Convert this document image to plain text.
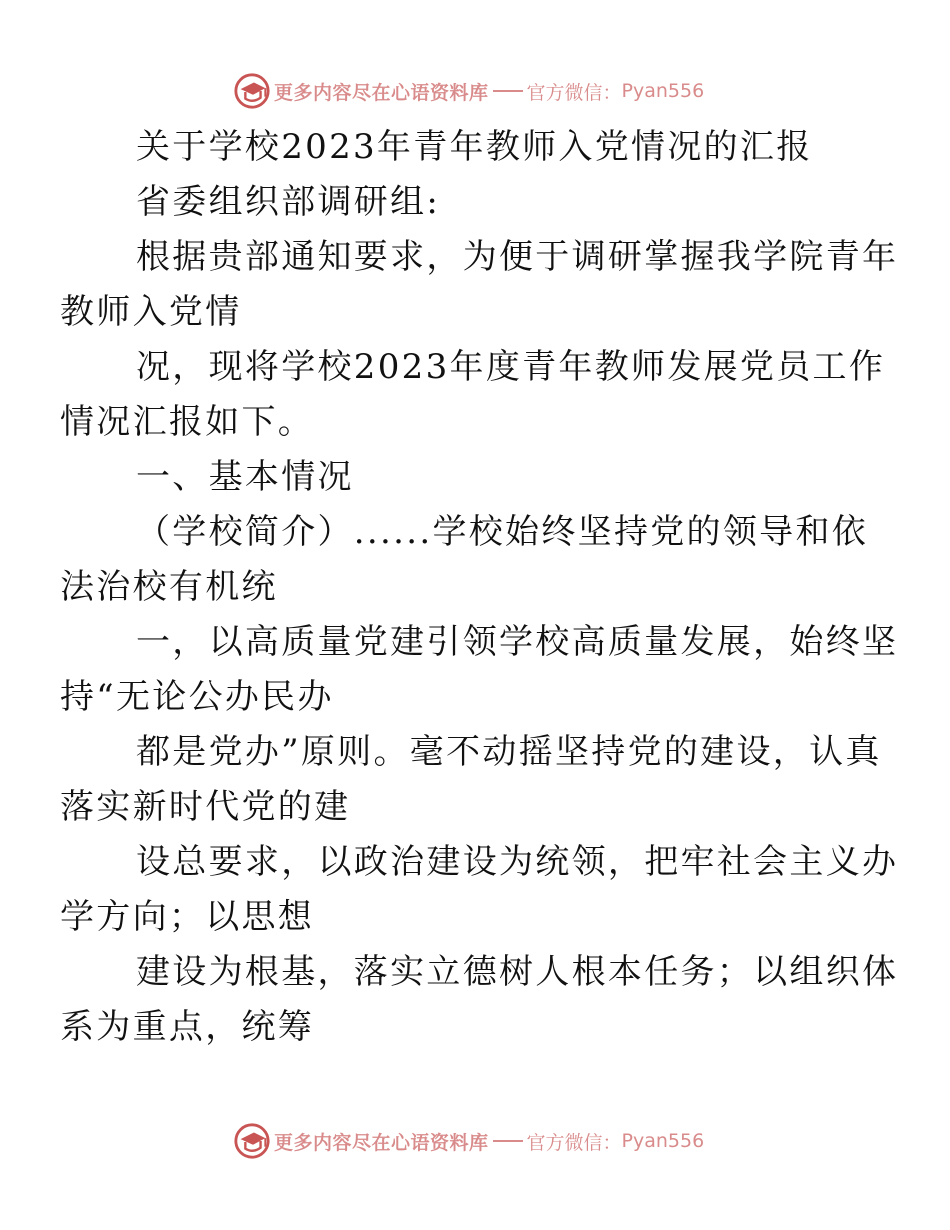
更多内容尽在心语资料库 官方微信： Pyan556

关于学校2023年青年教师入党情况的汇报

省委组织部调研组:

根据贵部通知要求，为便于调研掌握我学院青年
教师入党情

况，现将学校2023年度青年教师发展党员工作
情况汇报如下。

一、基本情况

（学校简介）......学校始终坚持党的领导和依
法治校有机统

一，以高质量党建引领学校高质量发展，始终坚
持“无论公办民办

都是党办”原则。毫不动摇坚持党的建设，认真
落实新时代党的建

设总要求，以政治建设为统领，把牢社会主义办
学方向；以思想

建设为根基，落实立德树人根本任务；以组织体
系为重点，统筹

更多内容尽在心语资料库 官方微信： Pyan556
